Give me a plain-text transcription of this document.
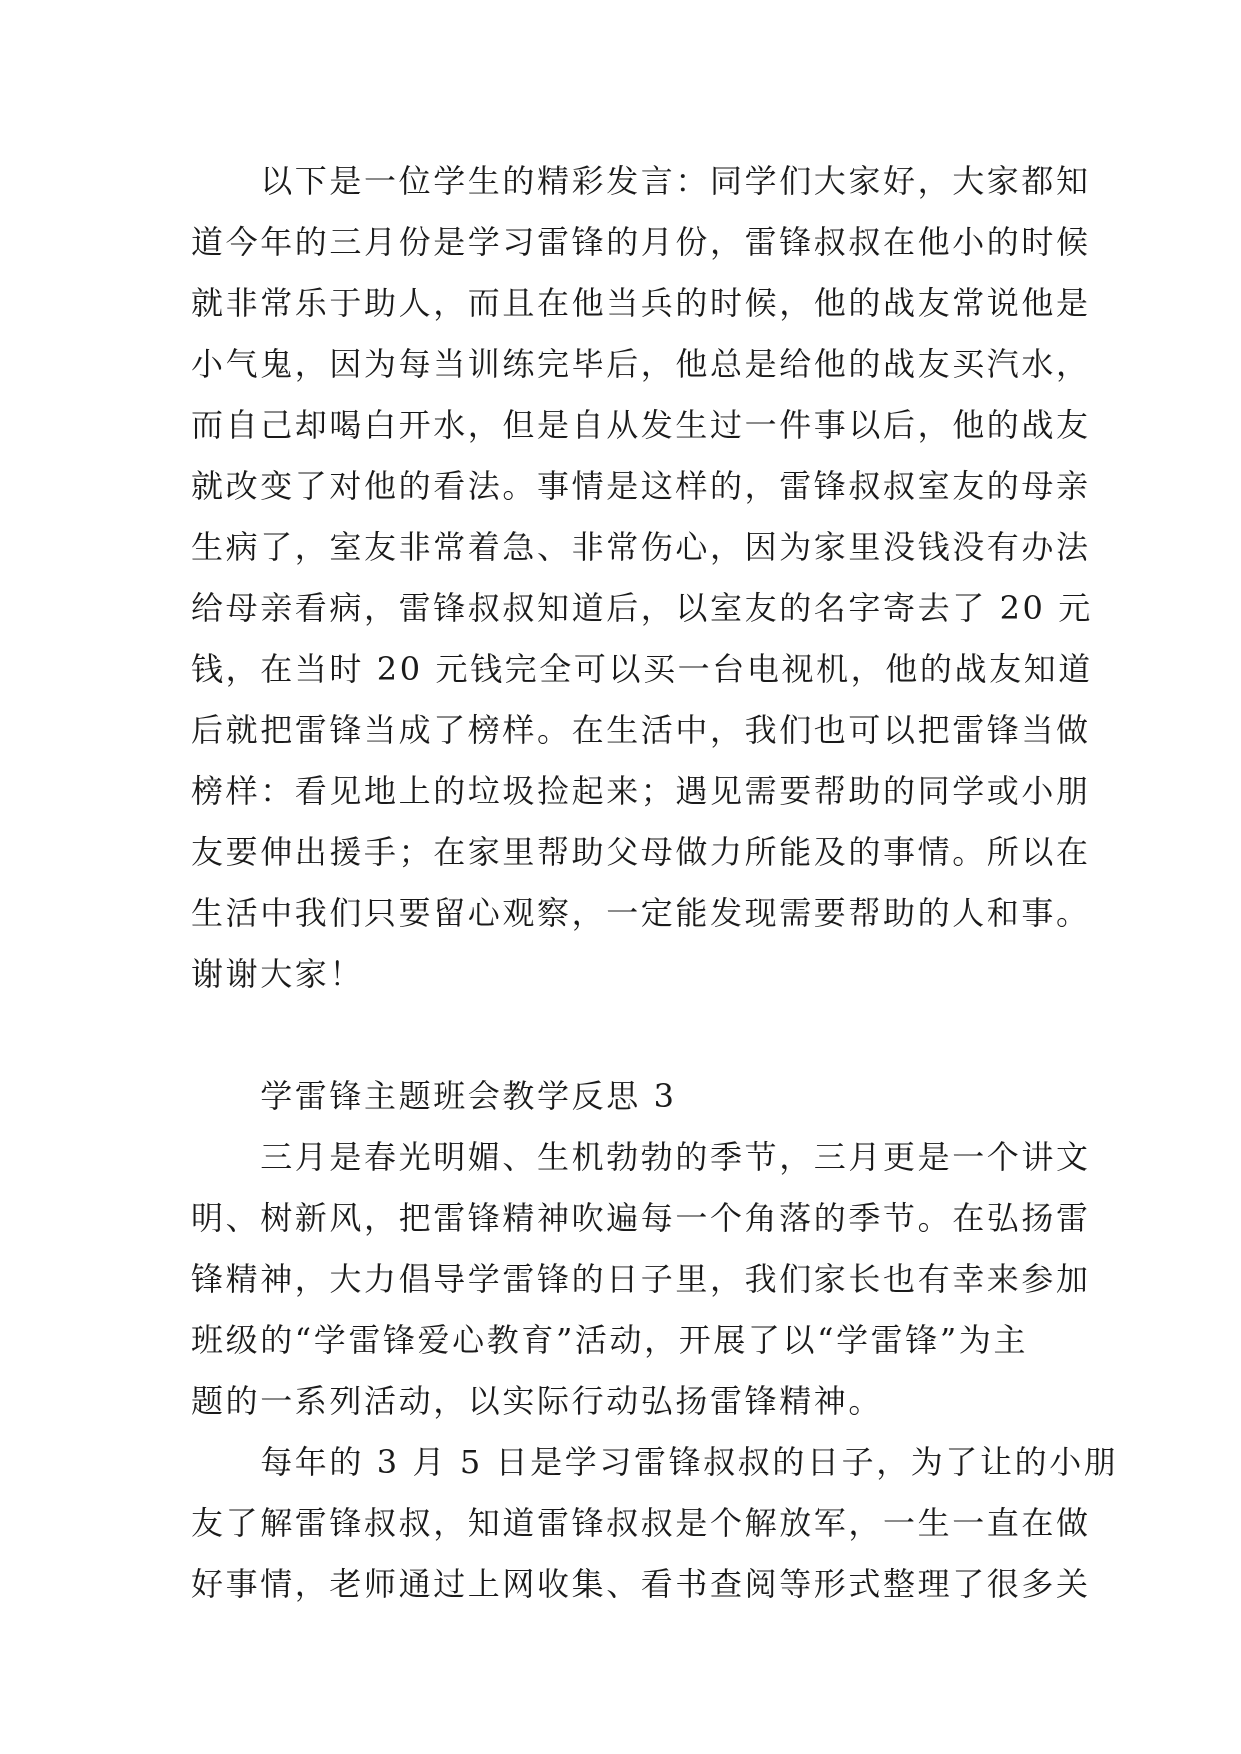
　　以下是一位学生的精彩发言：同学们大家好，大家都知
道今年的三月份是学习雷锋的月份，雷锋叔叔在他小的时候
就非常乐于助人，而且在他当兵的时候，他的战友常说他是
小气鬼，因为每当训练完毕后，他总是给他的战友买汽水，
而自己却喝白开水，但是自从发生过一件事以后，他的战友
就改变了对他的看法。事情是这样的，雷锋叔叔室友的母亲
生病了，室友非常着急、非常伤心，因为家里没钱没有办法
给母亲看病，雷锋叔叔知道后，以室友的名字寄去了 20 元
钱，在当时 20 元钱完全可以买一台电视机，他的战友知道
后就把雷锋当成了榜样。在生活中，我们也可以把雷锋当做
榜样：看见地上的垃圾捡起来；遇见需要帮助的同学或小朋
友要伸出援手；在家里帮助父母做力所能及的事情。所以在
生活中我们只要留心观察，一定能发现需要帮助的人和事。
谢谢大家！
　　学雷锋主题班会教学反思 3
　　三月是春光明媚、生机勃勃的季节，三月更是一个讲文
明、树新风，把雷锋精神吹遍每一个角落的季节。在弘扬雷
锋精神，大力倡导学雷锋的日子里，我们家长也有幸来参加
班级的“学雷锋爱心教育”活动，开展了以“学雷锋”为主
题的一系列活动，以实际行动弘扬雷锋精神。
　　每年的 3 月 5 日是学习雷锋叔叔的日子，为了让的小朋
友了解雷锋叔叔，知道雷锋叔叔是个解放军，一生一直在做
好事情，老师通过上网收集、看书查阅等形式整理了很多关
